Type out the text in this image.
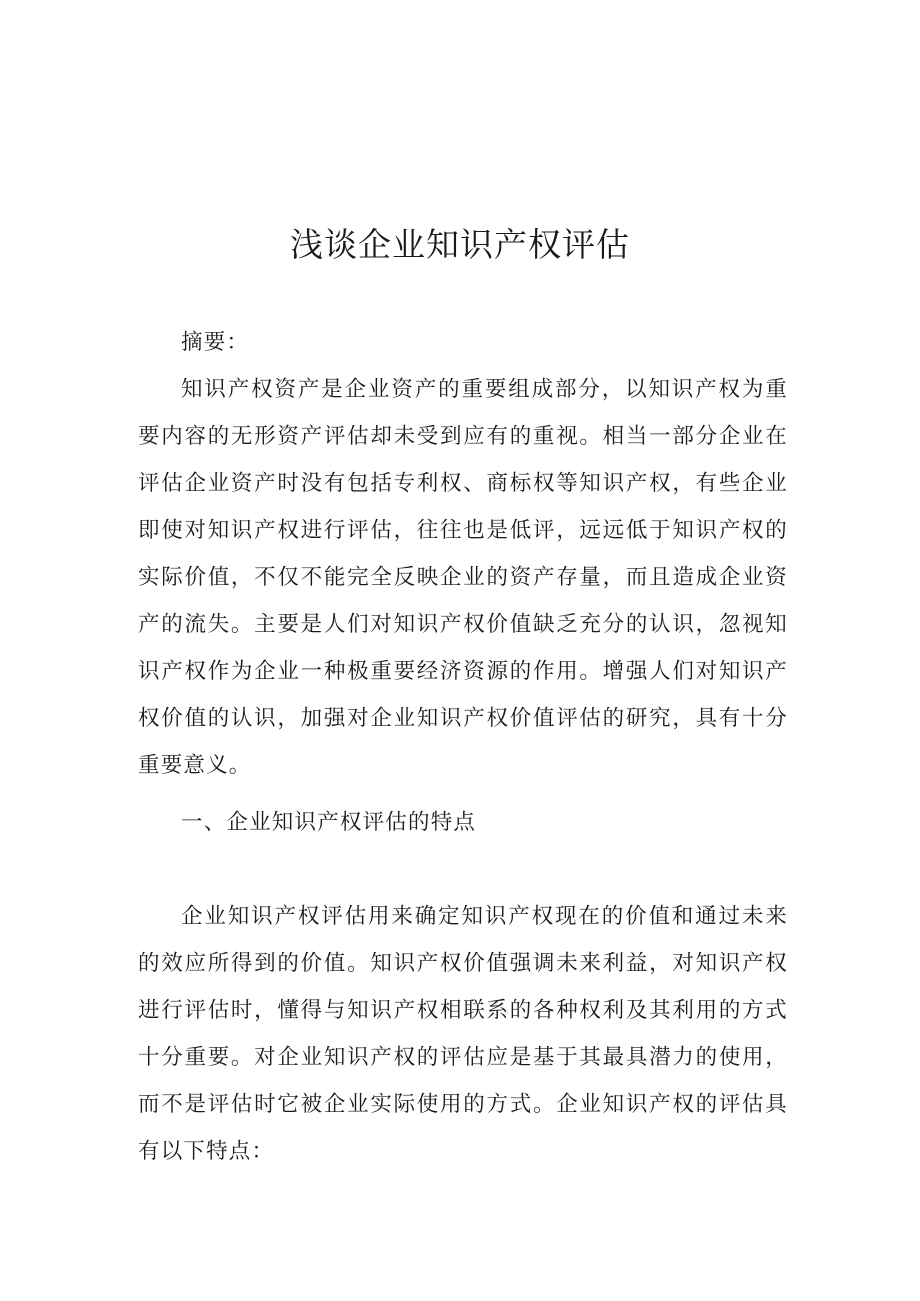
浅谈企业知识产权评估

摘要：

知识产权资产是企业资产的重要组成部分，以知识产权为重要内容的无形资产评估却未受到应有的重视。相当一部分企业在评估企业资产时没有包括专利权、商标权等知识产权，有些企业即使对知识产权进行评估，往往也是低评，远远低于知识产权的实际价值，不仅不能完全反映企业的资产存量，而且造成企业资产的流失。主要是人们对知识产权价值缺乏充分的认识，忽视知识产权作为企业一种极重要经济资源的作用。增强人们对知识产权价值的认识，加强对企业知识产权价值评估的研究，具有十分重要意义。

一、企业知识产权评估的特点

企业知识产权评估用来确定知识产权现在的价值和通过未来的效应所得到的价值。知识产权价值强调未来利益，对知识产权进行评估时，懂得与知识产权相联系的各种权利及其利用的方式十分重要。对企业知识产权的评估应是基于其最具潜力的使用，而不是评估时它被企业实际使用的方式。企业知识产权的评估具有以下特点：
